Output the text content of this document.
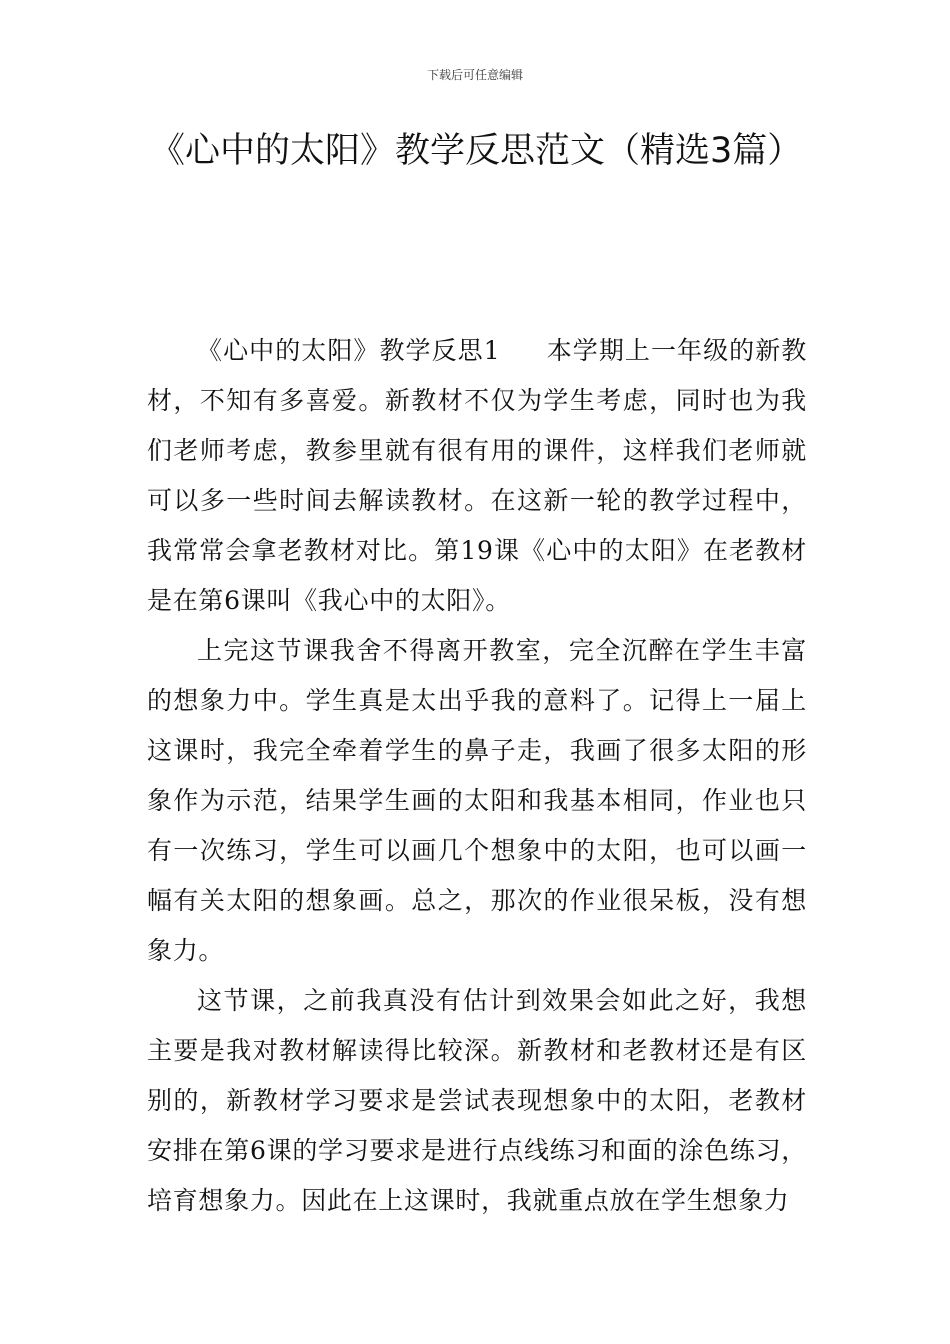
下载后可任意编辑
《心中的太阳》教学反思范文（精选3篇）

《心中的太阳》教学反思1 本学期上一年级的新教材，不知有多喜爱。新教材不仅为学生考虑，同时也为我们老师考虑，教参里就有很有用的课件，这样我们老师就可以多一些时间去解读教材。在这新一轮的教学过程中，我常常会拿老教材对比。第19课《心中的太阳》在老教材是在第6课叫《我心中的太阳》。

上完这节课我舍不得离开教室，完全沉醉在学生丰富的想象力中。学生真是太出乎我的意料了。记得上一届上这课时，我完全牵着学生的鼻子走，我画了很多太阳的形象作为示范，结果学生画的太阳和我基本相同，作业也只有一次练习，学生可以画几个想象中的太阳，也可以画一幅有关太阳的想象画。总之，那次的作业很呆板，没有想象力。

这节课，之前我真没有估计到效果会如此之好，我想主要是我对教材解读得比较深。新教材和老教材还是有区别的，新教材学习要求是尝试表现想象中的太阳，老教材安排在第6课的学习要求是进行点线练习和面的涂色练习，培育想象力。因此在上这课时，我就重点放在学生想象力
